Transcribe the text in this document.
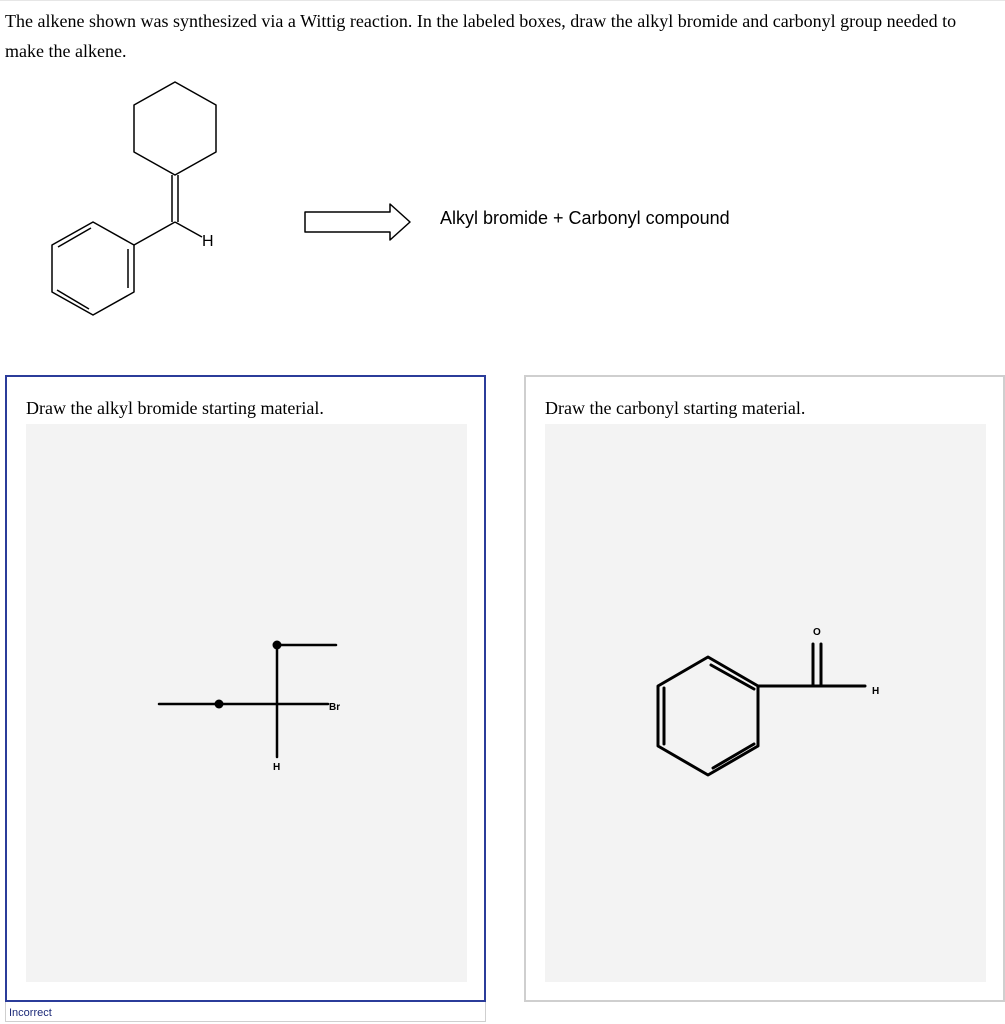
The alkene shown was synthesized via a Wittig reaction. In the labeled boxes, draw the alkyl bromide and carbonyl group needed to make the alkene.

H
Alkyl bromide + Carbonyl compound

Draw the alkyl bromide starting material.

Br
H

Draw the carbonyl starting material.

O
H
Incorrect
